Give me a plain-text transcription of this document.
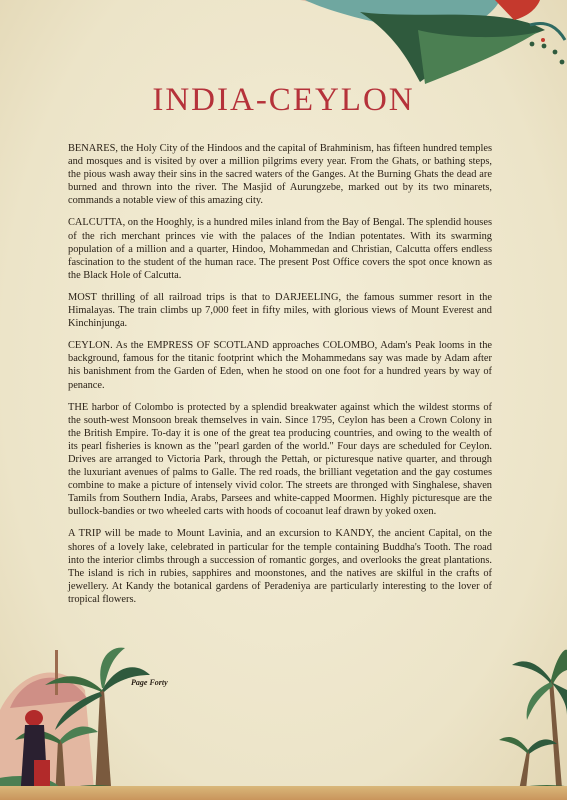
INDIA-CEYLON

BENARES, the Holy City of the Hindoos and the capital of Brahminism, has fifteen hundred temples and mosques and is visited by over a million pilgrims every year. From the Ghats, or bathing steps, the pious wash away their sins in the sacred waters of the Ganges. At the Burning Ghats the dead are burned and thrown into the river. The Masjid of Aurungzebe, marked out by its two minarets, commands a notable view of this amazing city.

CALCUTTA, on the Hooghly, is a hundred miles inland from the Bay of Bengal. The splendid houses of the rich merchant princes vie with the palaces of the Indian potentates. With its swarming population of a million and a quarter, Hindoo, Mohammedan and Christian, Calcutta offers endless fascination to the student of the human race. The present Post Office covers the spot once known as the Black Hole of Calcutta.

MOST thrilling of all railroad trips is that to DARJEELING, the famous summer resort in the Himalayas. The train climbs up 7,000 feet in fifty miles, with glorious views of Mount Everest and Kinchinjunga.

CEYLON. As the EMPRESS OF SCOTLAND approaches COLOMBO, Adam's Peak looms in the background, famous for the titanic footprint which the Mohammedans say was made by Adam after his banishment from the Garden of Eden, when he stood on one foot for a hundred years by way of penance.

THE harbor of Colombo is protected by a splendid breakwater against which the wildest storms of the south-west Monsoon break themselves in vain. Since 1795, Ceylon has been a Crown Colony in the British Empire. To-day it is one of the great tea producing countries, and owing to the wealth of its pearl fisheries is known as the "pearl garden of the world." Four days are scheduled for Ceylon. Drives are arranged to Victoria Park, through the Pettah, or picturesque native quarter, and through the luxuriant avenues of palms to Galle. The red roads, the brilliant vegetation and the gay costumes combine to make a picture of intensely vivid color. The streets are thronged with Singhalese, shaven Tamils from Southern India, Arabs, Parsees and white-capped Moormen. Highly picturesque are the bullock-bandies or two wheeled carts with hoods of cocoanut leaf drawn by yoked oxen.

A TRIP will be made to Mount Lavinia, and an excursion to KANDY, the ancient Capital, on the shores of a lovely lake, celebrated in particular for the temple containing Buddha's Tooth. The road into the interior climbs through a succession of romantic gorges, and overlooks the great plantations. The island is rich in rubies, sapphires and moonstones, and the natives are skilful in the crafts of jewellery. At Kandy the botanical gardens of Peradeniya are particularly interesting to the lover of tropical flowers.

Page Forty
